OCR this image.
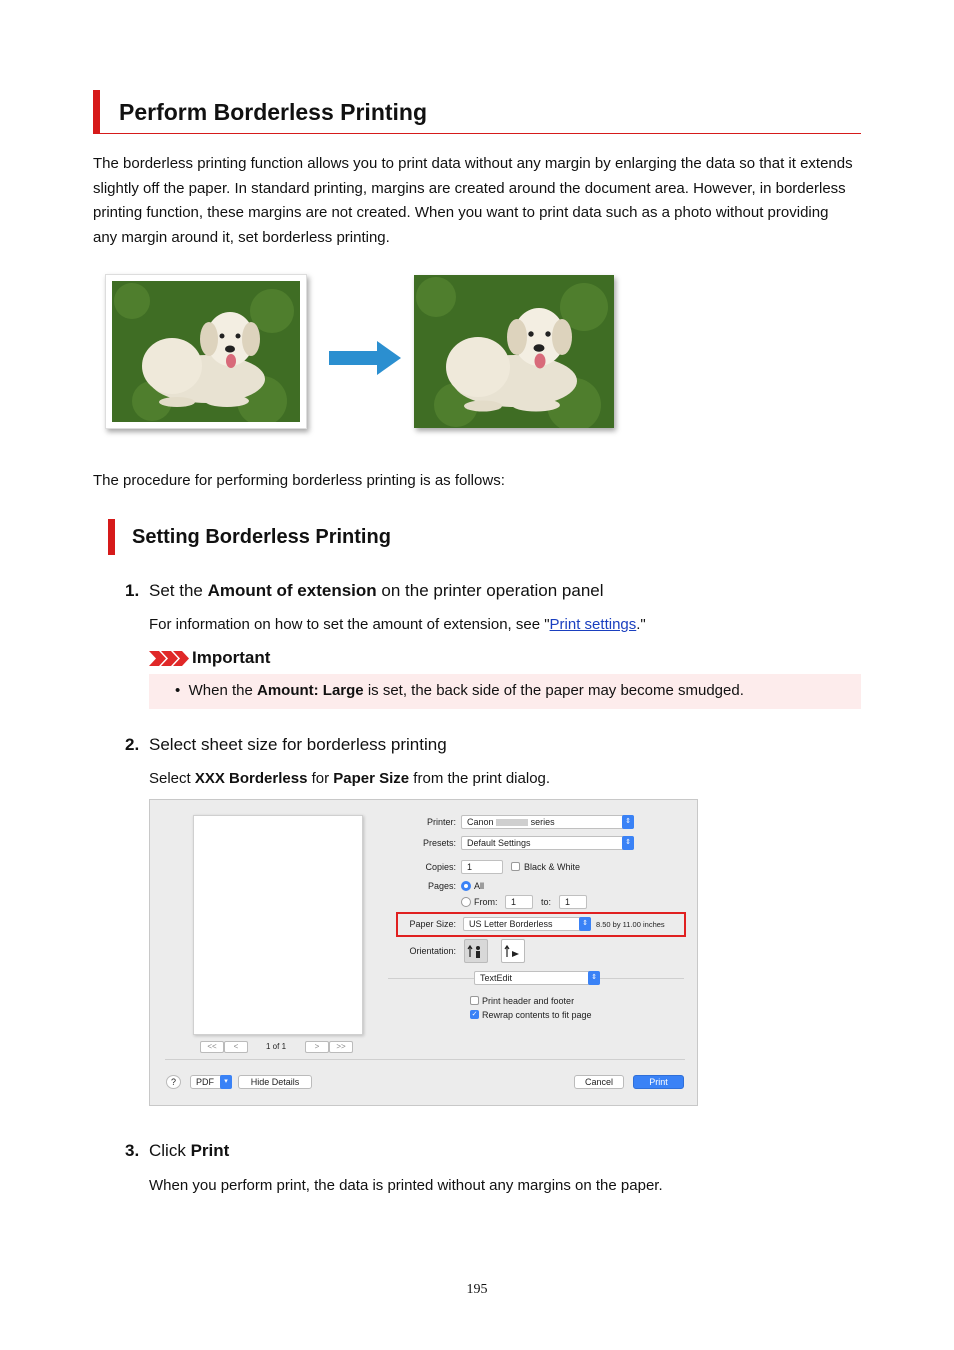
Perform Borderless Printing

The borderless printing function allows you to print data without any margin by enlarging the data so that it extends slightly off the paper. In standard printing, margins are created around the document area. However, in borderless printing function, these margins are not created. When you want to print data such as a photo without providing any margin around it, set borderless printing.

The procedure for performing borderless printing is as follows:

Setting Borderless Printing
1. Set the Amount of extension on the printer operation panel
For information on how to set the amount of extension, see "Print settings."
Important
• When the Amount: Large is set, the back side of the paper may become smudged.
2. Select sheet size for borderless printing
Select XXX Borderless for Paper Size from the print dialog.
<<	<	1 of 1	>	>>
Printer:	Canon	series	⇕
Presets:	Default Settings	⇕
Copies:	1	Black & White
Pages: All
From:	1	to:	1
Paper Size:	US Letter Borderless	⇕	8.50 by 11.00 inches
Orientation:
TextEdit	⇕
Print header and footer
✓ Rewrap contents to fit page
?	PDF	▾	Hide Details	Cancel	Print
3. Click Print
When you perform print, the data is printed without any margins on the paper.
195
